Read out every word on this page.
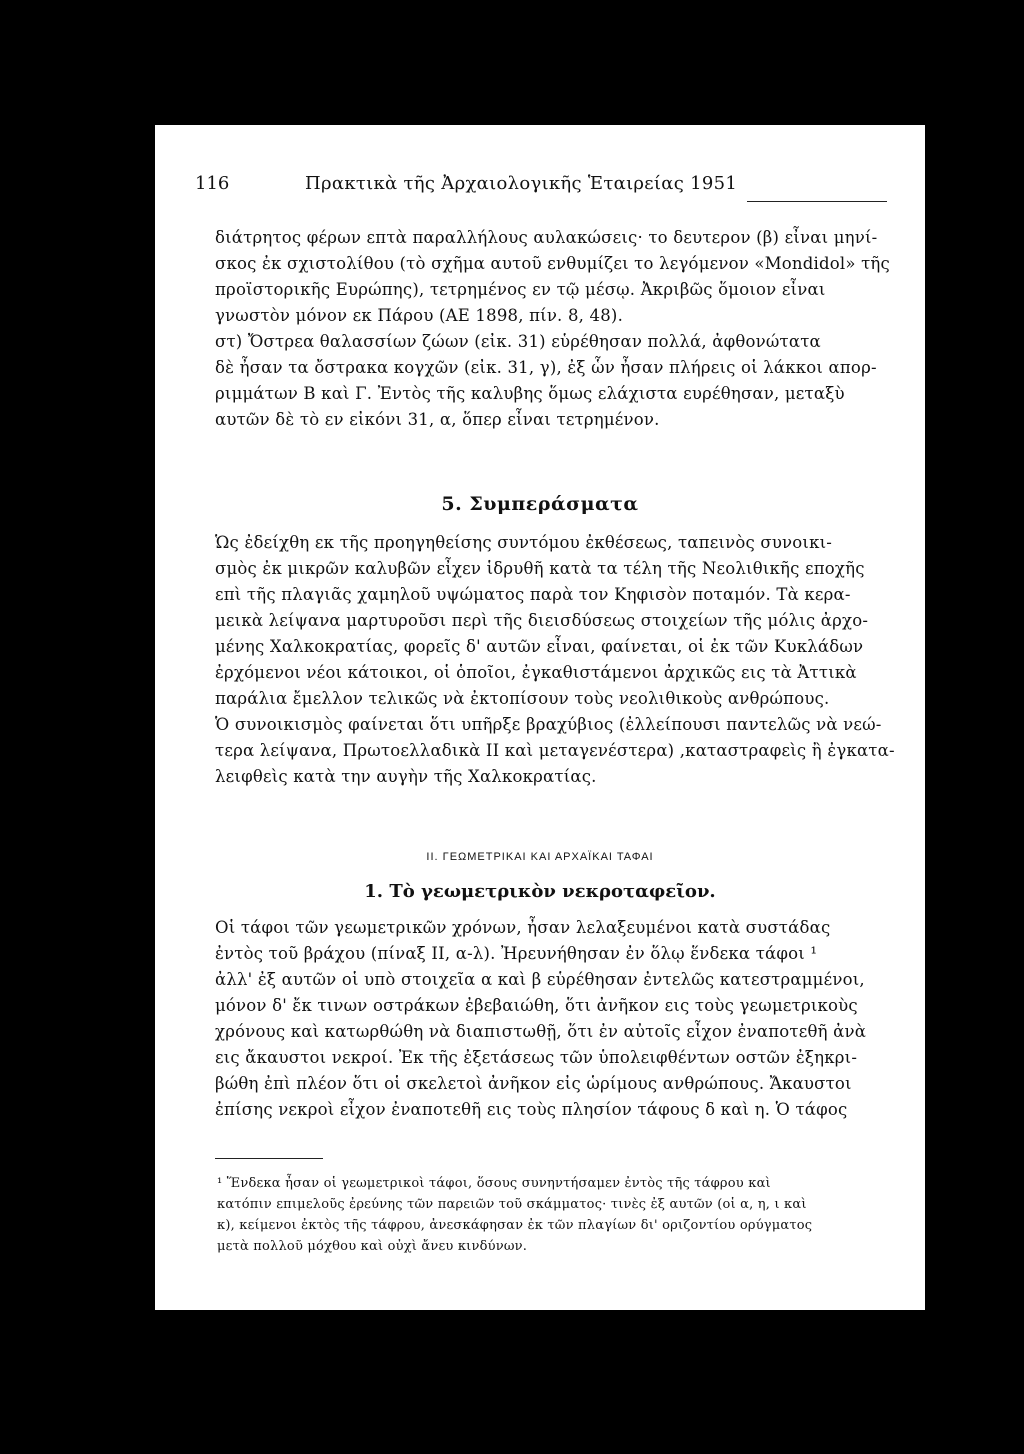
116	Πρακτικὰ τῆς Ἀρχαιολογικῆς Ἑταιρείας 1951
διάτρητος φέρων επτὰ παραλλήλους αυλακώσεις· το δευτερον (β) εἶναι μηνί-
σκος ἐκ σχιστολίθου (τὸ σχῆμα αυτοῦ ενθυμίζει το λεγόμενον «Mondidol» τῆς
προϊστορικῆς Ευρώπης), τετρημένος εν τῷ μέσῳ. Ἀκριβῶς ὅμοιον εἶναι
γνωστὸν μόνον εκ Πάρου (ΑΕ 1898, πίν. 8, 48).
στ) Ὄστρεα θαλασσίων ζώων (εἰκ. 31) εὑρέθησαν πολλά, ἀφθονώτατα
δὲ ἦσαν τα ὄστρακα κογχῶν (εἰκ. 31, γ), ἐξ ὧν ἦσαν πλήρεις οἱ λάκκοι απορ-
ριμμάτων Β καὶ Γ. Ἐντὸς τῆς καλυβης ὅμως ελάχιστα ευρέθησαν, μεταξὺ
αυτῶν δὲ τὸ εν εἰκόνι 31, α, ὅπερ εἶναι τετρημένον.
5. Συμπεράσματα
Ὡς ἐδείχθη εκ τῆς προηγηθείσης συντόμου ἐκθέσεως, ταπεινὸς συνοικι-
σμὸς ἐκ μικρῶν καλυβῶν εἶχεν ἱδρυθῆ κατὰ τα τέλη τῆς Νεολιθικῆς εποχῆς
επὶ τῆς πλαγιᾶς χαμηλοῦ υψώματος παρὰ τον Κηφισὸν ποταμόν. Τὰ κερα-
μεικὰ λείψανα μαρτυροῦσι περὶ τῆς διεισδύσεως στοιχείων τῆς μόλις ἀρχο-
μένης Χαλκοκρατίας, φορεῖς δ' αυτῶν εἶναι, φαίνεται, οἱ ἐκ τῶν Κυκλάδων
ἐρχόμενοι νέοι κάτοικοι, οἱ ὁποῖοι, ἐγκαθιστάμενοι ἀρχικῶς εις τὰ Ἀττικὰ
παράλια ἔμελλον τελικῶς νὰ ἐκτοπίσουν τοὺς νεολιθικοὺς ανθρώπους.
Ὁ συνοικισμὸς φαίνεται ὅτι υπῆρξε βραχύβιος (ἐλλείπουσι παντελῶς νὰ νεώ-
τερα λείψανα, Πρωτοελλαδικὰ ΙΙ καὶ μεταγενέστερα) ,καταστραφεὶς ἢ ἐγκατα-
λειφθεὶς κατὰ την αυγὴν τῆς Χαλκοκρατίας.
II. ΓΕΩΜΕΤΡΙΚΑΙ ΚΑΙ ΑΡΧΑΪΚΑΙ ΤΑΦΑΙ
1. Τὸ γεωμετρικὸν νεκροταφεῖον.
Οἱ τάφοι τῶν γεωμετρικῶν χρόνων, ἦσαν λελαξευμένοι κατὰ συστάδας
ἐντὸς τοῦ βράχου (πίναξ ΙΙ, α-λ). Ἠρευνήθησαν ἐν ὅλῳ ἕνδεκα τάφοι ¹
ἀλλ' ἐξ αυτῶν οἱ υπὸ στοιχεῖα α καὶ β εὑρέθησαν ἐντελῶς κατεστραμμένοι,
μόνον δ' ἔκ τινων οστράκων ἐβεβαιώθη, ὅτι ἀνῆκον εις τοὺς γεωμετρικοὺς
χρόνους καὶ κατωρθώθη νὰ διαπιστωθῇ, ὅτι ἐν αὐτοῖς εἶχον ἐναποτεθῆ ἀνὰ
εις ἄκαυστοι νεκροί. Ἐκ τῆς ἐξετάσεως τῶν ὑπολειφθέντων οστῶν ἐξηκρι-
βώθη ἐπὶ πλέον ὅτι οἱ σκελετοὶ ἀνῆκον εἰς ὡρίμους ανθρώπους. Ἄκαυστοι
ἐπίσης νεκροὶ εἶχον ἐναποτεθῆ εις τοὺς πλησίον τάφους δ καὶ η. Ὁ τάφος
¹ Ἕνδεκα ἦσαν οἱ γεωμετρικοὶ τάφοι, ὅσους συνηντήσαμεν ἐντὸς τῆς τάφρου καὶ
κατόπιν επιμελοῦς ἐρεύνης τῶν παρειῶν τοῦ σκάμματος· τινὲς ἐξ αυτῶν (οἱ α, η, ι καὶ
κ), κείμενοι ἐκτὸς τῆς τάφρου, ἀνεσκάφησαν ἐκ τῶν πλαγίων δι' οριζοντίου ορύγματος
μετὰ πολλοῦ μόχθου καὶ οὐχὶ ἄνευ κινδύνων.
